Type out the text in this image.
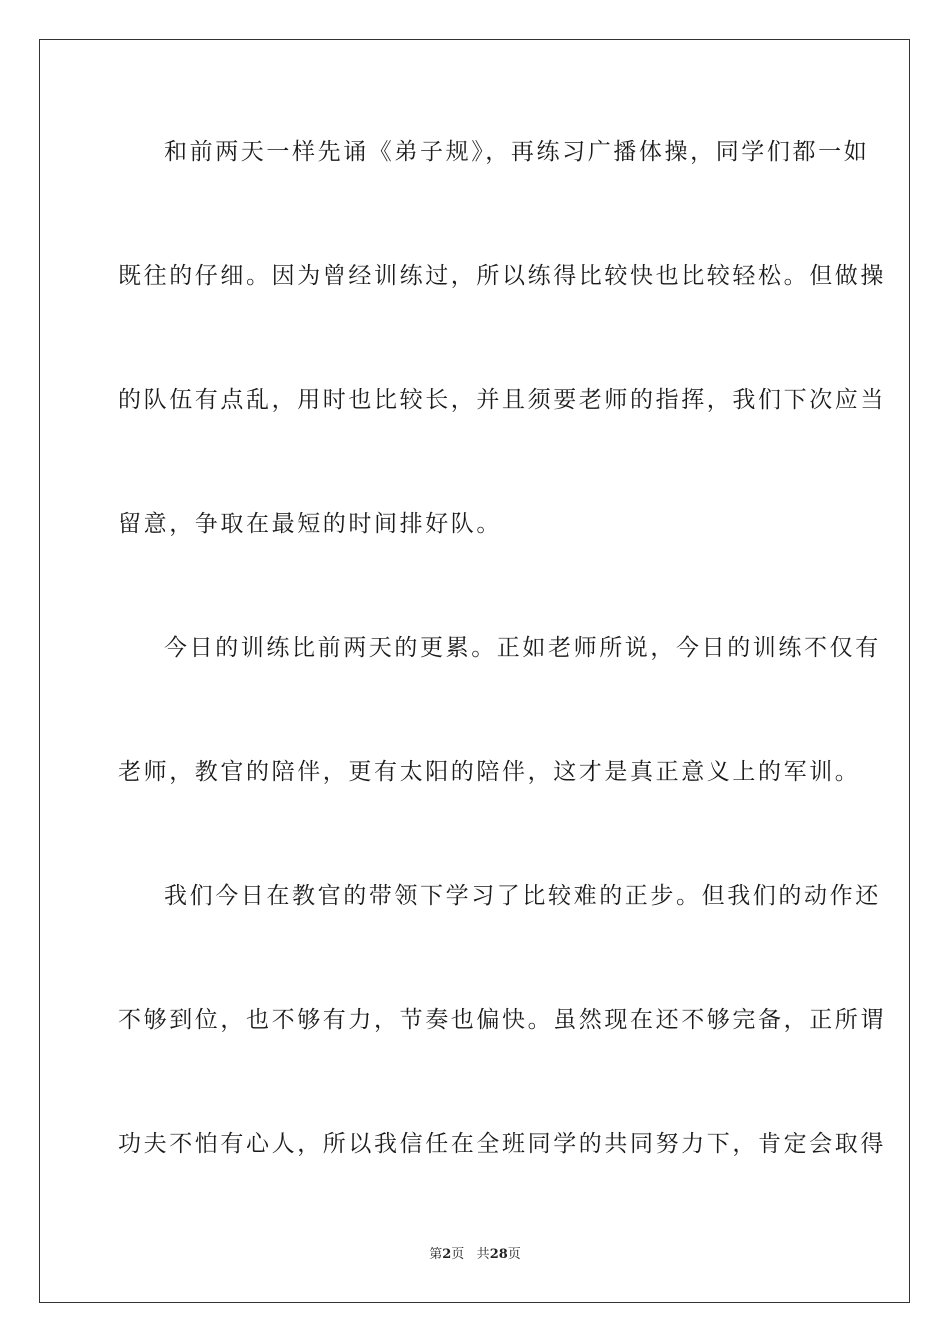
和前两天一样先诵《弟子规》，再练习广播体操，同学们都一如
既往的仔细。因为曾经训练过，所以练得比较快也比较轻松。但做操
的队伍有点乱，用时也比较长，并且须要老师的指挥，我们下次应当
留意，争取在最短的时间排好队。
今日的训练比前两天的更累。正如老师所说，今日的训练不仅有
老师，教官的陪伴，更有太阳的陪伴，这才是真正意义上的军训。
我们今日在教官的带领下学习了比较难的正步。但我们的动作还
不够到位，也不够有力，节奏也偏快。虽然现在还不够完备，正所谓
功夫不怕有心人，所以我信任在全班同学的共同努力下，肯定会取得
第2页 共28页
